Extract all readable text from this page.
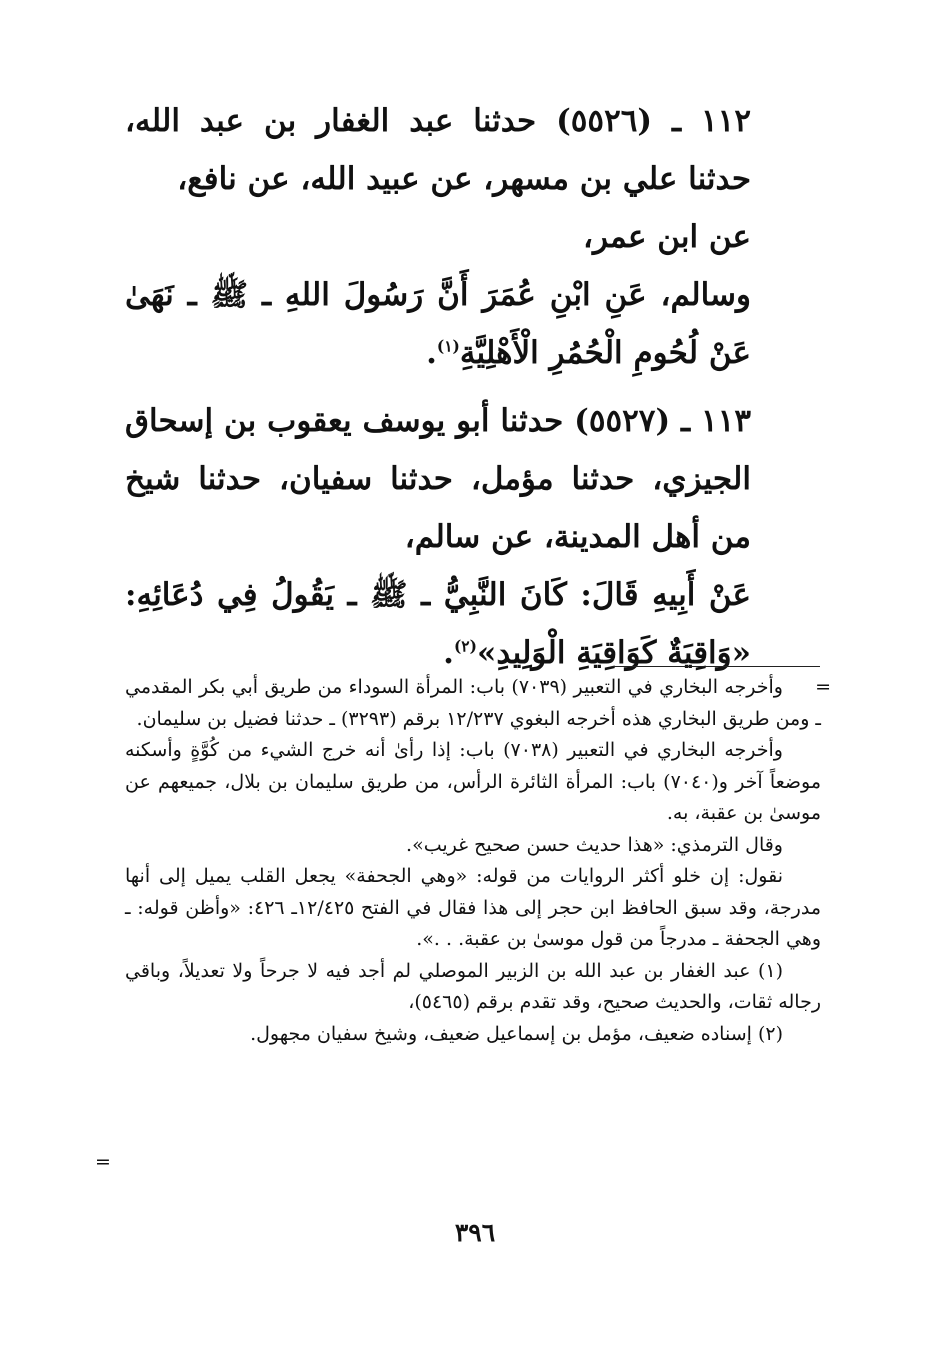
١١٢ ـ (٥٥٢٦) حدثنا عبد الغفار بن عبد الله، حدثنا علي بن مسهر، عن عبيد الله، عن نافع،

عن ابن عمر،

وسالم، عَنِ ابْنِ عُمَرَ أَنَّ رَسُولَ اللهِ ـ ﷺ ـ نَهَىٰ عَنْ لُحُومِ الْحُمُرِ الْأَهْلِيَّةِ$^{(١)}$.

١١٣ ـ (٥٥٢٧) حدثنا أبو يوسف يعقوب بن إسحاق الجيزي، حدثنا مؤمل، حدثنا سفيان، حدثنا شيخ من أهل المدينة، عن سالم،

عَنْ أَبِيهِ قَالَ: كَانَ النَّبِيُّ ـ ﷺ ـ يَقُولُ فِي دُعَائِهِ: «وَاقِيَةٌ كَوَاقِيَةِ الْوَلِيدِ»$^{(٢)}$.

=

وأخرجه البخاري في التعبير (٧٠٣٩) باب: المرأة السوداء من طريق أبي بكر المقدمي ـ ومن طريق البخاري هذه أخرجه البغوي ١٢/٢٣٧ برقم (٣٢٩٣) ـ حدثنا فضيل بن سليمان.

وأخرجه البخاري في التعبير (٧٠٣٨) باب: إذا رأىٰ أنه خرج الشيء من كُوَّةٍ وأسكنه موضعاً آخر و(٧٠٤٠) باب: المرأة الثائرة الرأس، من طريق سليمان بن بلال، جميعهم عن موسىٰ بن عقبة، به.

وقال الترمذي: «هذا حديث حسن صحيح غريب».

نقول: إن خلو أكثر الروايات من قوله: «وهي الجحفة» يجعل القلب يميل إلى أنها مدرجة، وقد سبق الحافظ ابن حجر إلى هذا فقال في الفتح ١٢/٤٢٥ـ ٤٢٦: «وأظن قوله: ـ وهي الجحفة ـ مدرجاً من قول موسىٰ بن عقبة. . .».

(١) عبد الغفار بن عبد الله بن الزبير الموصلي لم أجد فيه لا جرحاً ولا تعديلاً، وباقي رجاله ثقات، والحديث صحيح، وقد تقدم برقم (٥٤٦٥)،

(٢) إسناده ضعيف، مؤمل بن إسماعيل ضعيف، وشيخ سفيان مجهول.

=
٣٩٦
